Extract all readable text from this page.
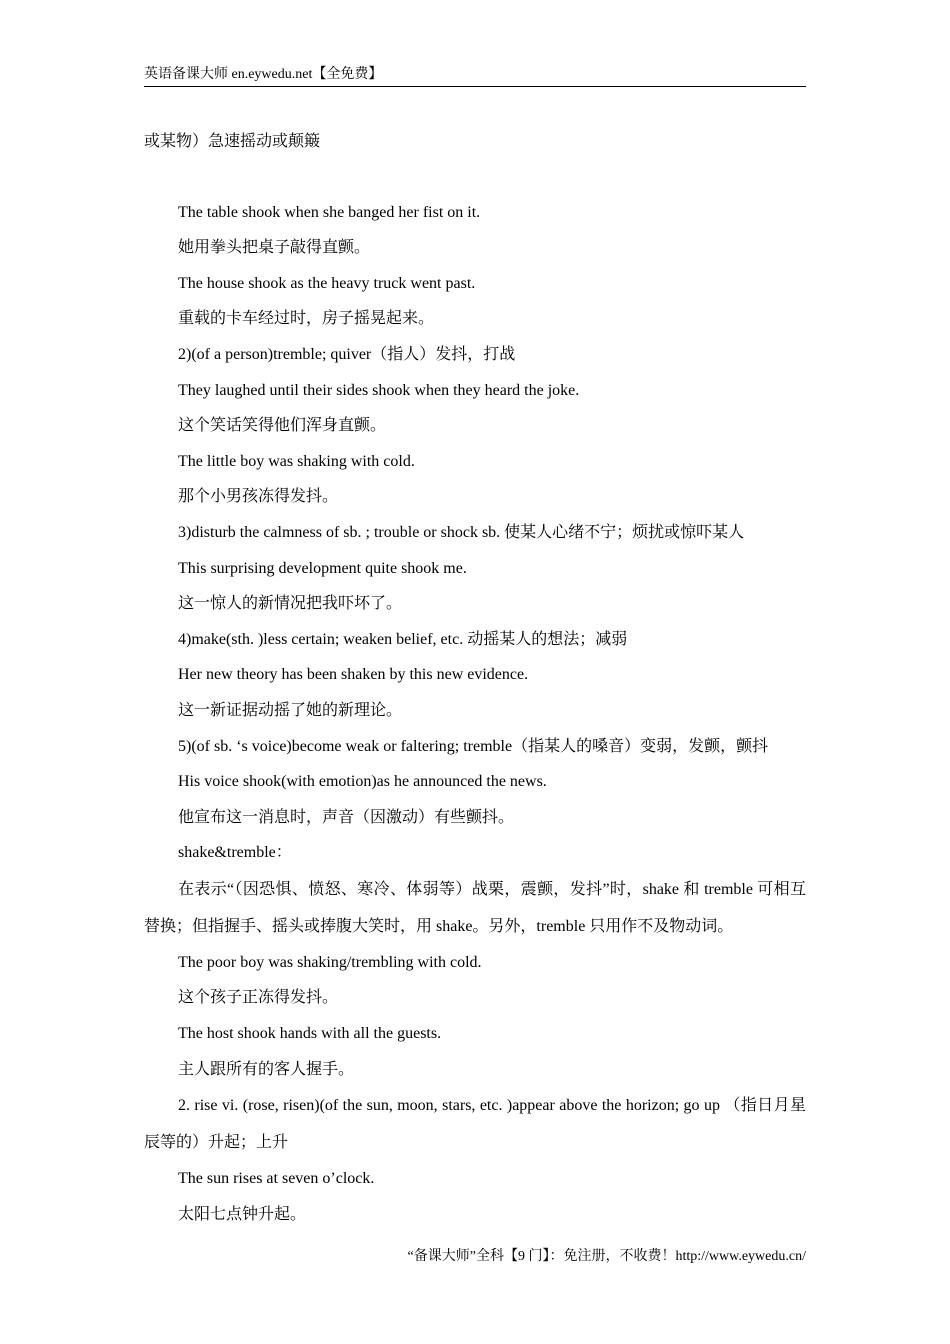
英语备课大师 en.eywedu.net【全免费】

或某物）急速摇动或颠簸

The table shook when she banged her fist on it.

她用拳头把桌子敲得直颤。

The house shook as the heavy truck went past.

重载的卡车经过时，房子摇晃起来。

2)(of a person)tremble; quiver（指人）发抖，打战

They laughed until their sides shook when they heard the joke.

这个笑话笑得他们浑身直颤。

The little boy was shaking with cold.

那个小男孩冻得发抖。

3)disturb the calmness of sb. ; trouble or shock sb. 使某人心绪不宁；烦扰或惊吓某人

This surprising development quite shook me.

这一惊人的新情况把我吓坏了。

4)make(sth. )less certain; weaken belief, etc. 动摇某人的想法；减弱

Her new theory has been shaken by this new evidence.

这一新证据动摇了她的新理论。

5)(of sb. ‘s voice)become weak or faltering; tremble（指某人的嗓音）变弱，发颤，颤抖

His voice shook(with emotion)as he announced the news.

他宣布这一消息时，声音（因激动）有些颤抖。

shake&tremble：

在表示“（因恐惧、愤怒、寒冷、体弱等）战栗，震颤，发抖”时，shake 和 tremble 可相互替换；但指握手、摇头或捧腹大笑时，用 shake。另外，tremble 只用作不及物动词。

The poor boy was shaking/trembling with cold.

这个孩子正冻得发抖。

The host shook hands with all the guests.

主人跟所有的客人握手。

2. rise vi. (rose, risen)(of the sun, moon, stars, etc. )appear above the horizon; go up （指日月星辰等的）升起；上升

The sun rises at seven o’clock.

太阳七点钟升起。

“备课大师”全科【9 门】：免注册，不收费！http://www.eywedu.cn/
